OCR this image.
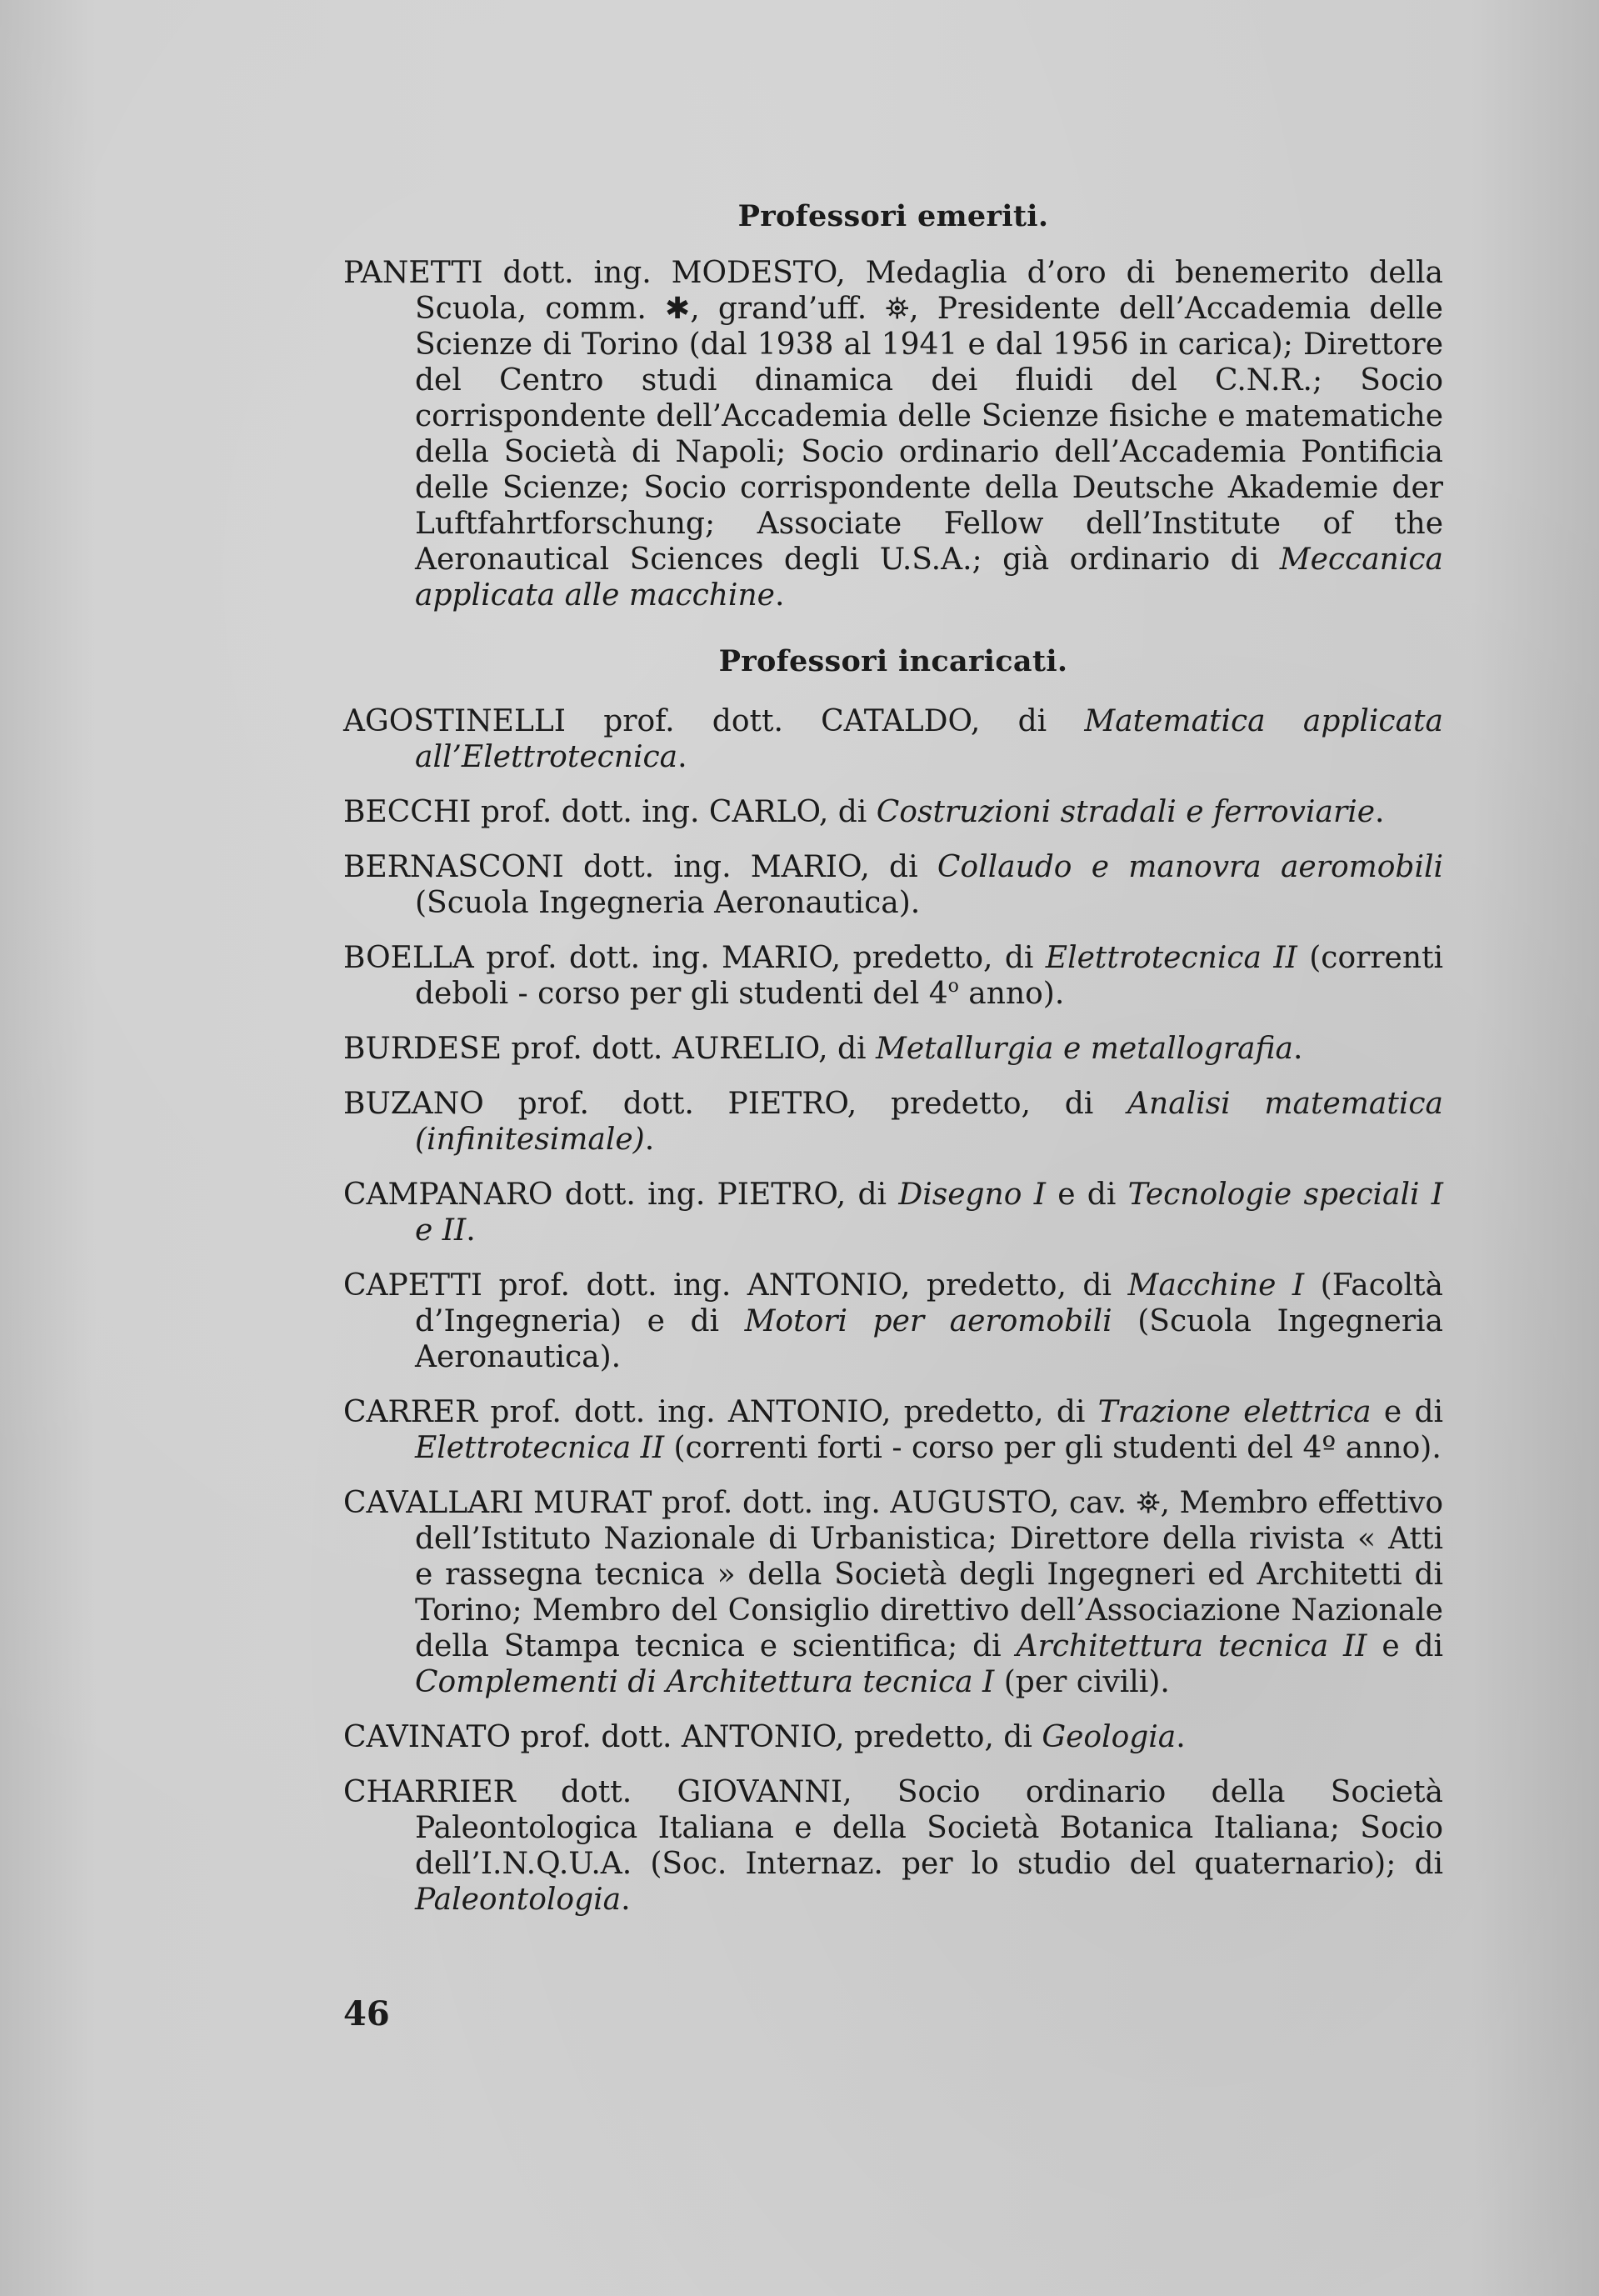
Professori emeriti.

PANETTI dott. ing. MODESTO, Medaglia d’oro di benemerito della Scuola, comm. ✱, grand’uff. ⛯, Presidente dell’Accademia delle Scienze di Torino (dal 1938 al 1941 e dal 1956 in carica); Direttore del Centro studi dinamica dei fluidi del C.N.R.; Socio corrispondente dell’Accademia delle Scienze fisiche e matematiche della Società di Napoli; Socio ordinario dell’Accademia Pontificia delle Scienze; Socio corrispondente della Deutsche Akademie der Luftfahrtforschung; Associate Fellow dell’Institute of the Aeronautical Sciences degli U.S.A.; già ordinario di Meccanica applicata alle macchine.

Professori incaricati.

AGOSTINELLI prof. dott. CATALDO, di Matematica applicata all’Elettrotecnica.

BECCHI prof. dott. ing. CARLO, di Costruzioni stradali e ferroviarie.

BERNASCONI dott. ing. MARIO, di Collaudo e manovra aeromobili (Scuola Ingegneria Aeronautica).

BOELLA prof. dott. ing. MARIO, predetto, di Elettrotecnica II (correnti deboli - corso per gli studenti del 4$^o$ anno).

BURDESE prof. dott. AURELIO, di Metallurgia e metallografia.

BUZANO prof. dott. PIETRO, predetto, di Analisi matematica (infinitesimale).

CAMPANARO dott. ing. PIETRO, di Disegno I e di Tecnologie speciali I e II.

CAPETTI prof. dott. ing. ANTONIO, predetto, di Macchine I (Facoltà d’Ingegneria) e di Motori per aeromobili (Scuola Ingegneria Aeronautica).

CARRER prof. dott. ing. ANTONIO, predetto, di Trazione elettrica e di Elettrotecnica II (correnti forti - corso per gli studenti del 4º anno).

CAVALLARI MURAT prof. dott. ing. AUGUSTO, cav. ⛯, Membro effettivo dell’Istituto Nazionale di Urbanistica; Direttore della rivista « Atti e rassegna tecnica » della Società degli Ingegneri ed Architetti di Torino; Membro del Consiglio direttivo dell’Associazione Nazionale della Stampa tecnica e scientifica; di Architettura tecnica II e di Complementi di Architettura tecnica I (per civili).

CAVINATO prof. dott. ANTONIO, predetto, di Geologia.

CHARRIER dott. GIOVANNI, Socio ordinario della Società Paleontologica Italiana e della Società Botanica Italiana; Socio dell’I.N.Q.U.A. (Soc. Internaz. per lo studio del quaternario); di Paleontologia.

46
